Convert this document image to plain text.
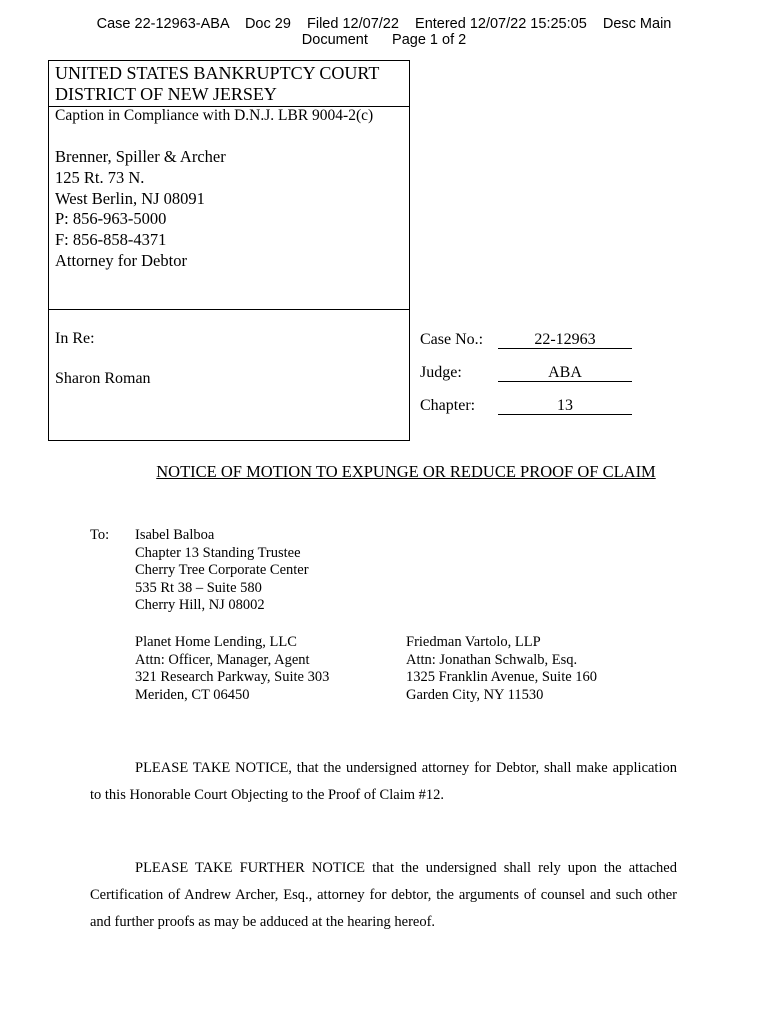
Case 22-12963-ABA    Doc 29    Filed 12/07/22    Entered 12/07/22 15:25:05    Desc Main
Document      Page 1 of 2
UNITED STATES BANKRUPTCY COURT
DISTRICT OF NEW JERSEY
Caption in Compliance with D.N.J. LBR 9004-2(c)
Brenner, Spiller & Archer
125 Rt. 73 N.
West Berlin, NJ 08091
P: 856-963-5000
F: 856-858-4371
Attorney for Debtor
In Re:
Sharon Roman
Case No.:	22-12963
Judge:	ABA
Chapter:	13
NOTICE OF MOTION TO EXPUNGE OR REDUCE PROOF OF CLAIM
To: Isabel Balboa
Chapter 13 Standing Trustee
Cherry Tree Corporate Center
535 Rt 38 – Suite 580
Cherry Hill, NJ 08002
Planet Home Lending, LLC
Attn: Officer, Manager, Agent
321 Research Parkway, Suite 303
Meriden, CT 06450
Friedman Vartolo, LLP
Attn: Jonathan Schwalb, Esq.
1325 Franklin Avenue, Suite 160
Garden City, NY 11530
PLEASE TAKE NOTICE, that the undersigned attorney for Debtor, shall make application
to this Honorable Court Objecting to the Proof of Claim #12.
PLEASE TAKE FURTHER NOTICE that the undersigned shall rely upon the attached
Certification of Andrew Archer, Esq., attorney for debtor, the arguments of counsel and such other
and further proofs as may be adduced at the hearing hereof.
